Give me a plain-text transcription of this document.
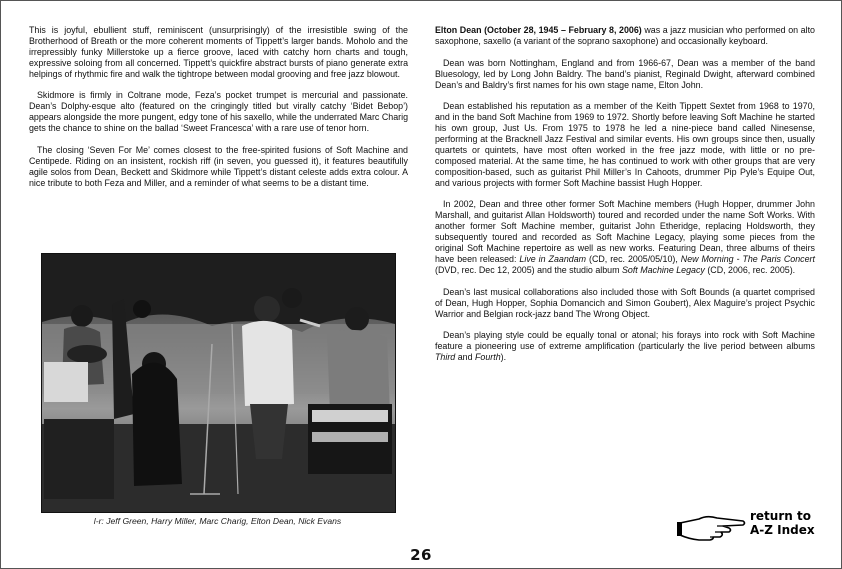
This is joyful, ebullient stuff, reminiscent (unsurprisingly) of the irresistible swing of the Brotherhood of Breath or the more coherent moments of Tippett’s larger bands. Moholo and the irrepressibly funky Millerstoke up a fierce groove, laced with catchy horn charts and tough, expressive soloing from all concerned. Tippett’s quickfire abstract bursts of piano generate extra helpings of rhythmic fire and walk the tightrope between modal grooving and free jazz blowout.

Skidmore is firmly in Coltrane mode, Feza’s pocket trumpet is mercurial and passionate. Dean’s Dolphy-esque alto (featured on the cringingly titled but virally catchy ‘Bidet Bebop’) appears alongside the more pungent, edgy tone of his saxello, while the underrated Marc Charig gets the chance to shine on the ballad ‘Sweet Francesca’ with a rare use of tenor horn.

The closing ‘Seven For Me’ comes closest to the free-spirited fusions of Soft Machine and Centipede. Riding on an insistent, rockish riff (in seven, you guessed it), it features beautifully agile solos from Dean, Beckett and Skidmore while Tippett’s distant celeste adds extra colour. A nice tribute to both Feza and Miller, and a reminder of what seems to be a distant time.

l-r: Jeff Green, Harry Miller, Marc Charig, Elton Dean, Nick Evans

Elton Dean (October 28, 1945 – February 8, 2006) was a jazz musician who performed on alto saxophone, saxello (a variant of the soprano saxophone) and occasionally keyboard.

Dean was born Nottingham, England and from 1966-67, Dean was a member of the band Bluesology, led by Long John Baldry. The band’s pianist, Reginald Dwight, afterward combined Dean’s and Baldry’s first names for his own stage name, Elton John.

Dean established his reputation as a member of the Keith Tippett Sextet from 1968 to 1970, and in the band Soft Machine from 1969 to 1972. Shortly before leaving Soft Machine he started his own group, Just Us. From 1975 to 1978 he led a nine-piece band called Ninesense, performing at the Bracknell Jazz Festival and similar events. His own groups since then, usually quartets or quintets, have most often worked in the free jazz mode, with little or no pre-composed material. At the same time, he has continued to work with other groups that are very composition-based, such as guitarist Phil Miller’s In Cahoots, drummer Pip Pyle’s Equipe Out, and various projects with former Soft Machine bassist Hugh Hopper.

In 2002, Dean and three other former Soft Machine members (Hugh Hopper, drummer John Marshall, and guitarist Allan Holdsworth) toured and recorded under the name Soft Works. With another former Soft Machine member, guitarist John Etheridge, replacing Holdsworth, they subsequently toured and recorded as Soft Machine Legacy, playing some pieces from the original Soft Machine repertoire as well as new works. Featuring Dean, three albums of theirs have been released: Live in Zaandam (CD, rec. 2005/05/10), New Morning - The Paris Concert (DVD, rec. Dec 12, 2005) and the studio album Soft Machine Legacy (CD, 2006, rec. 2005).

Dean’s last musical collaborations also included those with Soft Bounds (a quartet comprised of Dean, Hugh Hopper, Sophia Domancich and Simon Goubert), Alex Maguire’s project Psychic Warrior and Belgian rock-jazz band The Wrong Object.

Dean’s playing style could be equally tonal or atonal; his forays into rock with Soft Machine feature a pioneering use of extreme amplification (particularly the live period between albums Third and Fourth).

return to
A-Z Index
26
